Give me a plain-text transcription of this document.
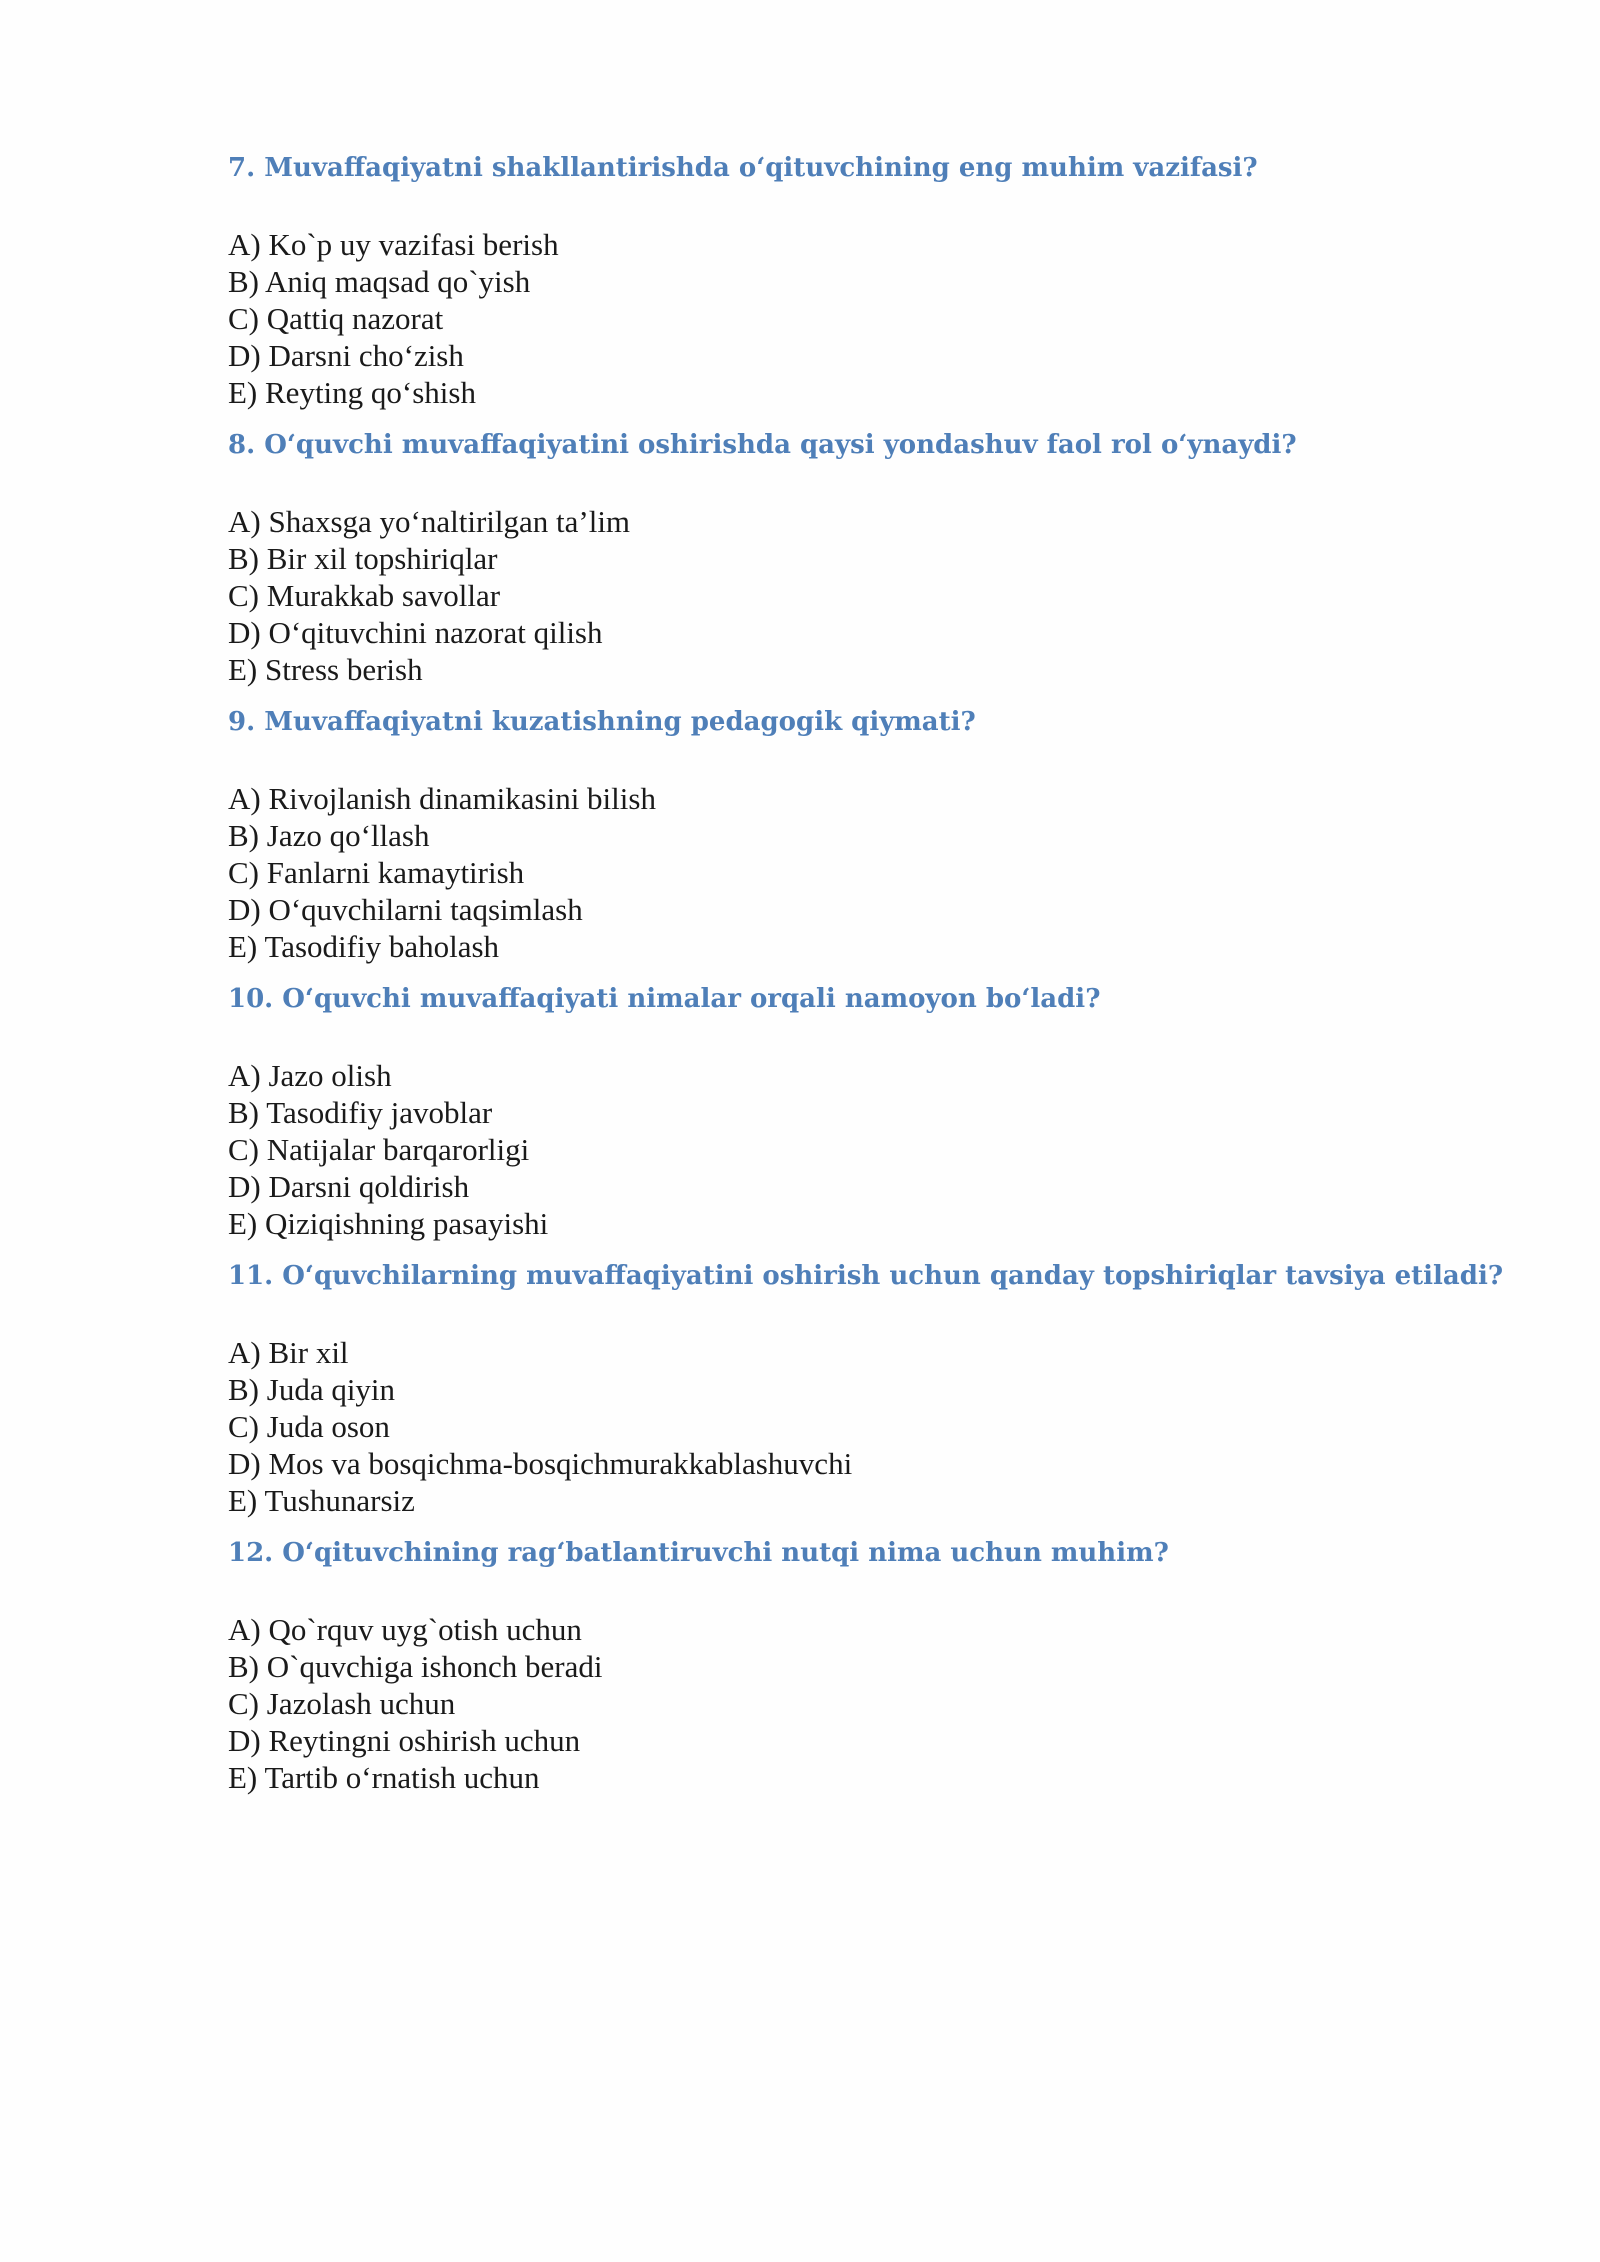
7. Muvaffaqiyatni shakllantirishda o‘qituvchining eng muhim vazifasi?
A) Ko`p uy vazifasi berish
B) Aniq maqsad qo`yish
C) Qattiq nazorat
D) Darsni cho‘zish
E) Reyting qo‘shish
8. O‘quvchi muvaffaqiyatini oshirishda qaysi yondashuv faol rol o‘ynaydi?
A) Shaxsga yo‘naltirilgan ta’lim
B) Bir xil topshiriqlar
C) Murakkab savollar
D) O‘qituvchini nazorat qilish
E) Stress berish
9. Muvaffaqiyatni kuzatishning pedagogik qiymati?
A) Rivojlanish dinamikasini bilish
B) Jazo qo‘llash
C) Fanlarni kamaytirish
D) O‘quvchilarni taqsimlash
E) Tasodifiy baholash
10. O‘quvchi muvaffaqiyati nimalar orqali namoyon bo‘ladi?
A) Jazo olish
B) Tasodifiy javoblar
C) Natijalar barqarorligi
D) Darsni qoldirish
E) Qiziqishning pasayishi
11. O‘quvchilarning muvaffaqiyatini oshirish uchun qanday topshiriqlar tavsiya etiladi?
A) Bir xil
B) Juda qiyin
C) Juda oson
D) Mos va bosqichma-bosqichmurakkablashuvchi
E) Tushunarsiz
12. O‘qituvchining rag‘batlantiruvchi nutqi nima uchun muhim?
A) Qo`rquv uyg`otish uchun
B) O`quvchiga ishonch beradi
C) Jazolash uchun
D) Reytingni oshirish uchun
E) Tartib o‘rnatish uchun
